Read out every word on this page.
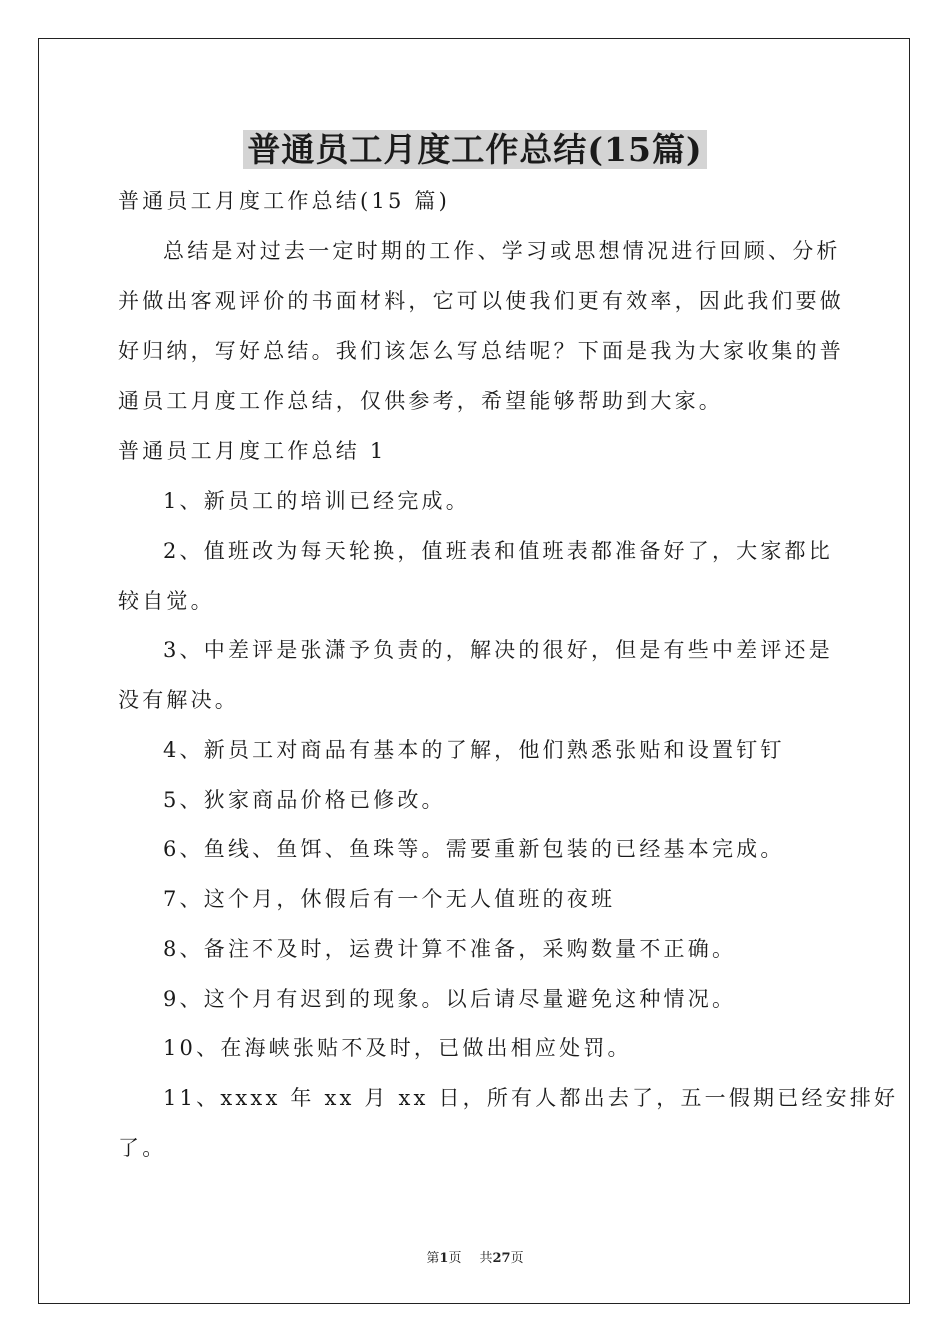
普通员工月度工作总结(15篇)
普通员工月度工作总结(15 篇)
总结是对过去一定时期的工作、学习或思想情况进行回顾、分析
并做出客观评价的书面材料，它可以使我们更有效率，因此我们要做
好归纳，写好总结。我们该怎么写总结呢？下面是我为大家收集的普
通员工月度工作总结，仅供参考，希望能够帮助到大家。
普通员工月度工作总结 1
1、新员工的培训已经完成。
2、值班改为每天轮换，值班表和值班表都准备好了，大家都比
较自觉。
3、中差评是张潇予负责的，解决的很好，但是有些中差评还是
没有解决。
4、新员工对商品有基本的了解，他们熟悉张贴和设置钉钉
5、狄家商品价格已修改。
6、鱼线、鱼饵、鱼珠等。需要重新包装的已经基本完成。
7、这个月，休假后有一个无人值班的夜班
8、备注不及时，运费计算不准备，采购数量不正确。
9、这个月有迟到的现象。以后请尽量避免这种情况。
10、在海峡张贴不及时，已做出相应处罚。
11、xxxx 年 xx 月 xx 日，所有人都出去了，五一假期已经安排好
了。
第1页 共27页
